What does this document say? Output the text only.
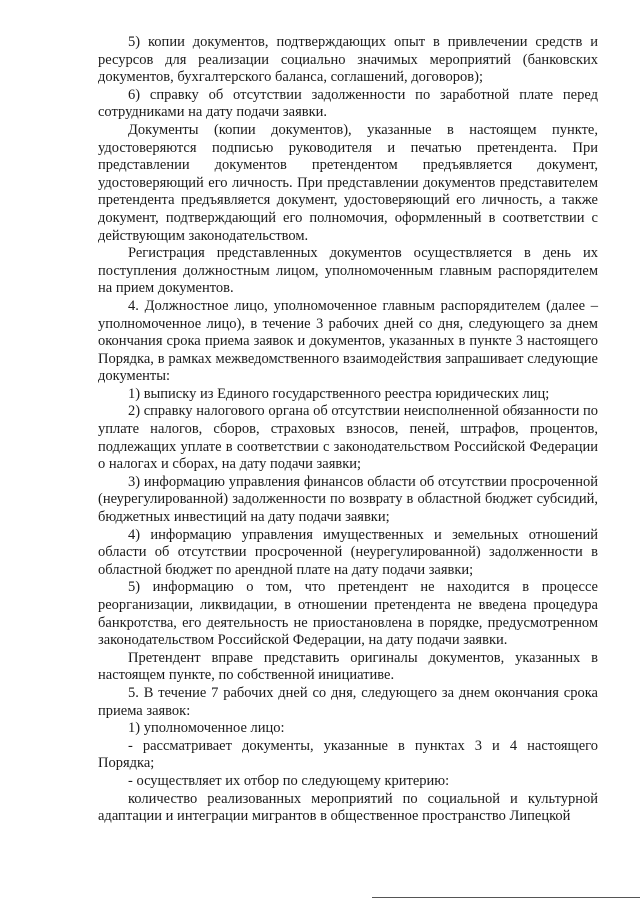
5) копии документов, подтверждающих опыт в привлечении средств и ресурсов для реализации социально значимых мероприятий (банковских документов, бухгалтерского баланса, соглашений, договоров);

6) справку об отсутствии задолженности по заработной плате перед сотрудниками на дату подачи заявки.

Документы (копии документов), указанные в настоящем пункте, удостоверяются подписью руководителя и печатью претендента. При представлении документов претендентом предъявляется документ, удостоверяющий его личность. При представлении документов представителем претендента предъявляется документ, удостоверяющий его личность, а также документ, подтверждающий его полномочия, оформленный в соответствии с действующим законодательством.

Регистрация представленных документов осуществляется в день их поступления должностным лицом, уполномоченным главным распорядителем на прием документов.

4. Должностное лицо, уполномоченное главным распорядителем (далее – уполномоченное лицо), в течение 3 рабочих дней со дня, следующего за днем окончания срока приема заявок и документов, указанных в пункте 3 настоящего Порядка, в рамках межведомственного взаимодействия запрашивает следующие документы:

1) выписку из Единого государственного реестра юридических лиц;

2) справку налогового органа об отсутствии неисполненной обязанности по уплате налогов, сборов, страховых взносов, пеней, штрафов, процентов, подлежащих уплате в соответствии с законодательством Российской Федерации о налогах и сборах, на дату подачи заявки;

3) информацию управления финансов области об отсутствии просроченной (неурегулированной) задолженности по возврату в областной бюджет субсидий, бюджетных инвестиций на дату подачи заявки;

4) информацию управления имущественных и земельных отношений области об отсутствии просроченной (неурегулированной) задолженности в областной бюджет по арендной плате на дату подачи заявки;

5) информацию о том, что претендент не находится в процессе реорганизации, ликвидации, в отношении претендента не введена процедура банкротства, его деятельность не приостановлена в порядке, предусмотренном законодательством Российской Федерации, на дату подачи заявки.

Претендент вправе представить оригиналы документов, указанных в настоящем пункте, по собственной инициативе.

5. В течение 7 рабочих дней со дня, следующего за днем окончания срока приема заявок:

1) уполномоченное лицо:

- рассматривает документы, указанные в пунктах 3 и 4 настоящего Порядка;

- осуществляет их отбор по следующему критерию:

количество реализованных мероприятий по социальной и культурной адаптации и интеграции мигрантов в общественное пространство Липецкой
